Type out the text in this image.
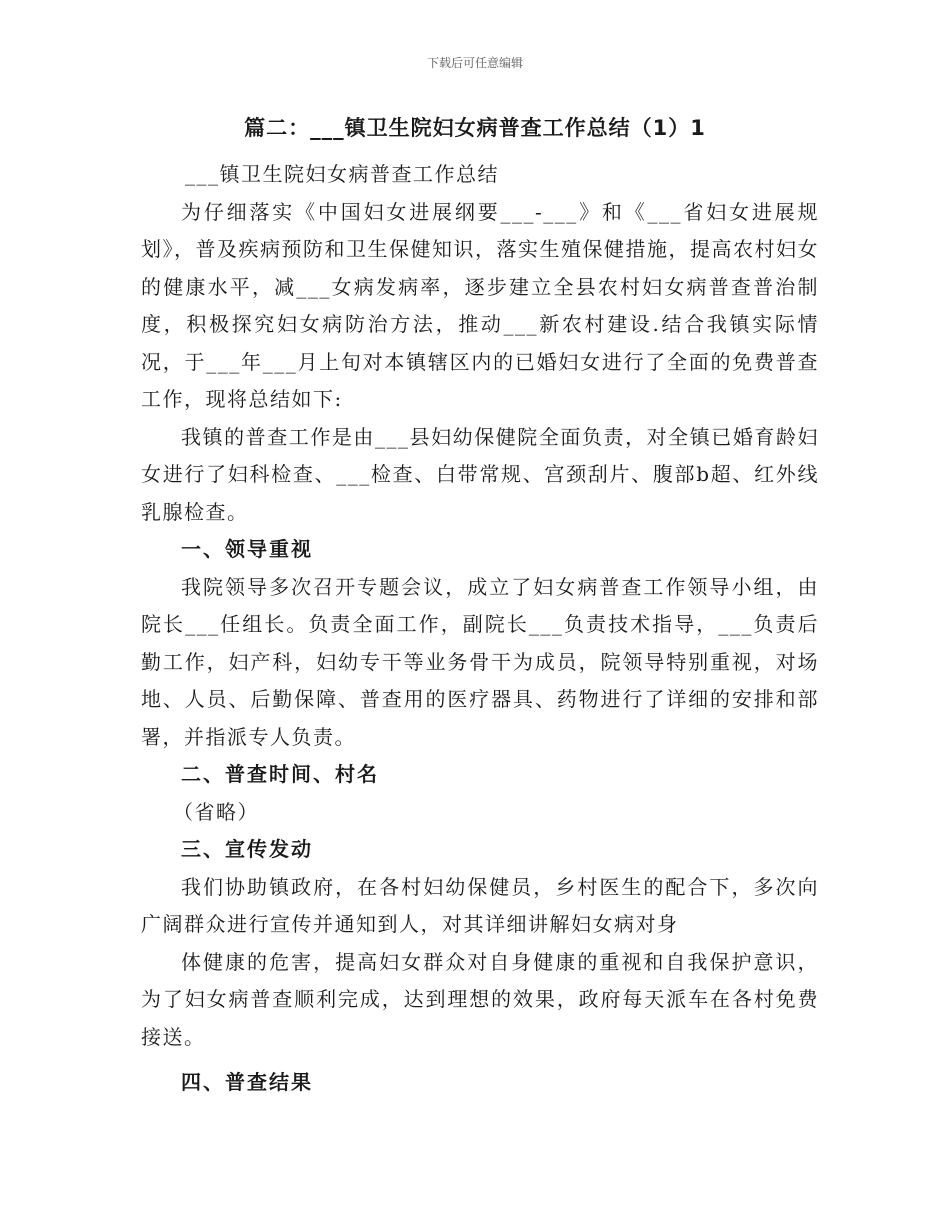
下载后可任意编辑
篇二：___镇卫生院妇女病普查工作总结（1）1

___镇卫生院妇女病普查工作总结

为仔细落实《中国妇女进展纲要___-___》和《___省妇女进展规划》，普及疾病预防和卫生保健知识，落实生殖保健措施，提高农村妇女的健康水平，减___女病发病率，逐步建立全县农村妇女病普查普治制度，积极探究妇女病防治方法，推动___新农村建设.结合我镇实际情况，于___年___月上旬对本镇辖区内的已婚妇女进行了全面的免费普查工作，现将总结如下:

我镇的普查工作是由___县妇幼保健院全面负责，对全镇已婚育龄妇女进行了妇科检查、___检查、白带常规、宫颈刮片、腹部b超、红外线乳腺检查。

一、领导重视

我院领导多次召开专题会议，成立了妇女病普查工作领导小组，由院长___任组长。负责全面工作，副院长___负责技术指导，___负责后勤工作，妇产科，妇幼专干等业务骨干为成员，院领导特别重视，对场地、人员、后勤保障、普查用的医疗器具、药物进行了详细的安排和部署，并指派专人负责。

二、普查时间、村名

（省略）

三、宣传发动

我们协助镇政府，在各村妇幼保健员，乡村医生的配合下，多次向广阔群众进行宣传并通知到人，对其详细讲解妇女病对身

体健康的危害，提高妇女群众对自身健康的重视和自我保护意识，为了妇女病普查顺利完成，达到理想的效果，政府每天派车在各村免费接送。

四、普查结果
